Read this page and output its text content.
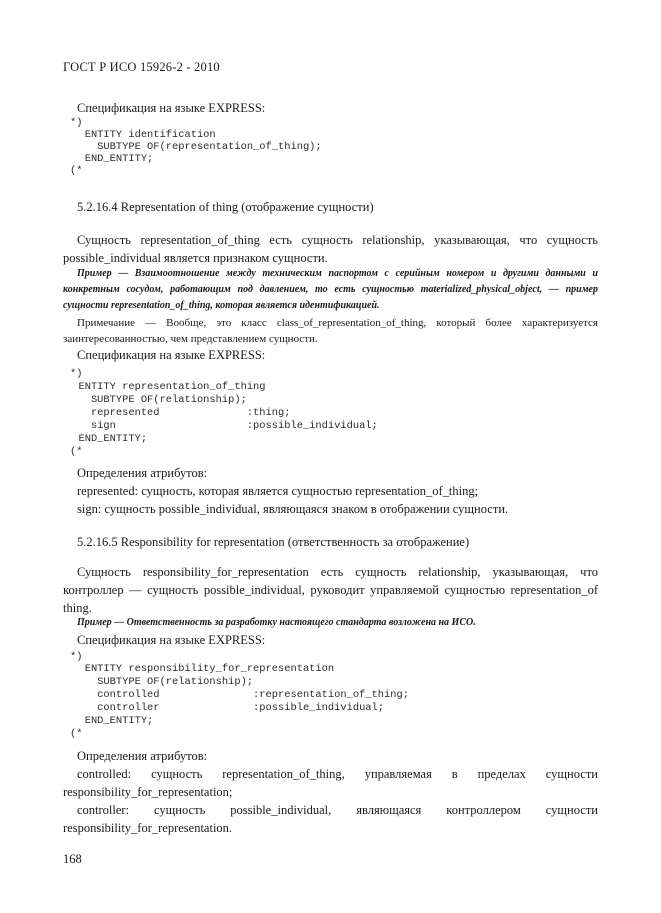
ГОСТ Р ИСО 15926-2 - 2010
Спецификация на языке EXPRESS:
*)
ENTITY identification
SUBTYPE OF(representation_of_thing);
END_ENTITY;
(*
5.2.16.4 Representation of thing (отображение сущности)
Сущность representation_of_thing есть сущность relationship, указывающая, что сущность possible_individual является признаком сущности.
Пример — Взаимоотношение между техническим паспортом с серийным номером и другими данными и конкретным сосудом, работающим под давлением, то есть сущностью materialized_physical_object, — пример сущности representation_of_thing, которая является идентификацией.
Примечание — Вообще, это класс class_of_representation_of_thing, который более характеризуется заинтересованностью, чем представлением сущности.
Спецификация на языке EXPRESS:
*)
ENTITY representation_of_thing
SUBTYPE OF(relationship);
represented              :thing;
sign                     :possible_individual;
END_ENTITY;
(*
Определения атрибутов:
represented: сущность, которая является сущностью representation_of_thing;
sign: сущность possible_individual, являющаяся знаком в отображении сущности.
5.2.16.5 Responsibility for representation (ответственность за отображение)
Сущность responsibility_for_representation есть сущность relationship, указывающая, что контроллер — сущность possible_individual, руководит управляемой сущностью representation_of thing.
Пример — Ответственность за разработку настоящего стандарта возложена на ИСО.
Спецификация на языке EXPRESS:
*)
ENTITY responsibility_for_representation
SUBTYPE OF(relationship);
controlled               :representation_of_thing;
controller               :possible_individual;
END_ENTITY;
(*
Определения атрибутов:
controlled: сущность representation_of_thing, управляемая в пределах сущности responsibility_for_representation;
controller: сущность possible_individual, являющаяся контроллером сущности responsibility_for_representation.
168
